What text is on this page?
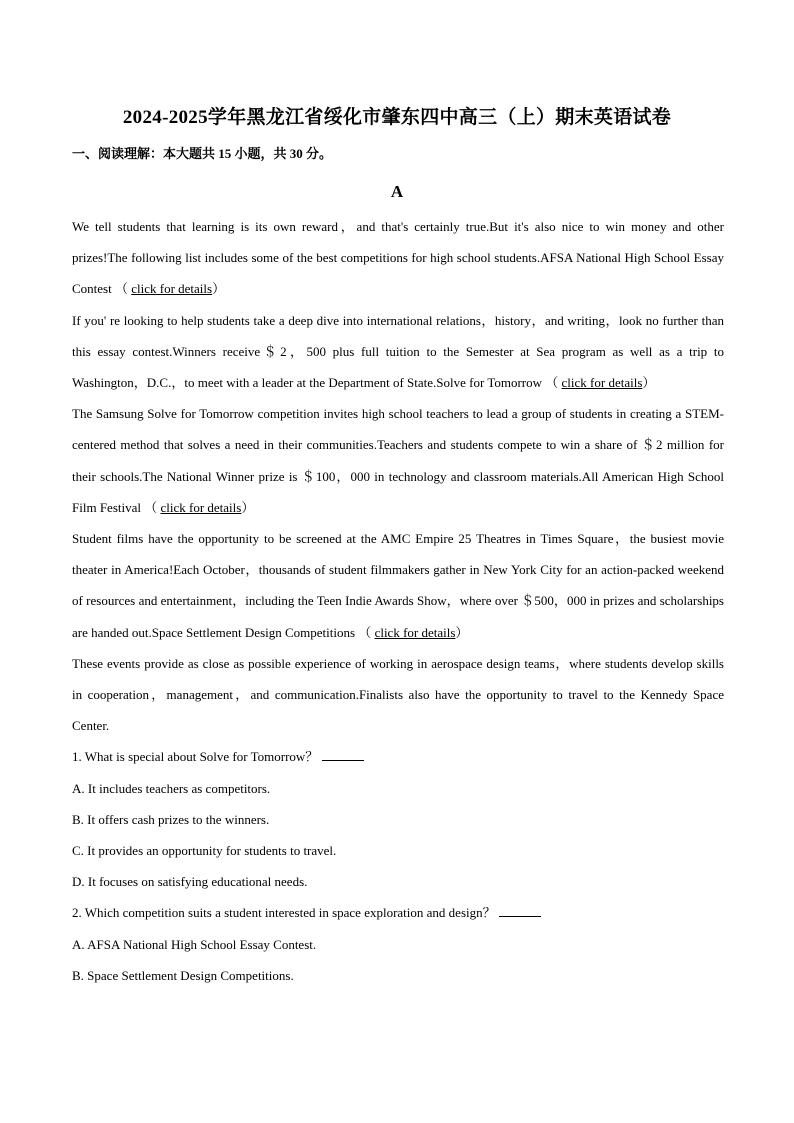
2024-2025学年黑龙江省绥化市肇东四中高三（上）期末英语试卷
一、阅读理解：本大题共 15 小题，共 30 分。
A

We tell students that learning is its own reward，and that's certainly true.But it's also nice to win money and other prizes!The following list includes some of the best competitions for high school students.AFSA National High School Essay Contest （ click for details）

If you' re looking to help students take a deep dive into international relations，history，and writing，look no further than this essay contest.Winners receive＄2，500 plus full tuition to the Semester at Sea program as well as a trip to Washington，D.C.，to meet with a leader at the Department of State.Solve for Tomorrow （ click for details）

The Samsung Solve for Tomorrow competition invites high school teachers to lead a group of students in creating a STEM-centered method that solves a need in their communities.Teachers and students compete to win a share of ＄2 million for their schools.The National Winner prize is ＄100，000 in technology and classroom materials.All American High School Film Festival （ click for details）

Student films have the opportunity to be screened at the AMC Empire 25 Theatres in Times Square，the busiest movie theater in America!Each October，thousands of student filmmakers gather in New York City for an action-packed weekend of resources and entertainment，including the Teen Indie Awards Show，where over ＄500，000 in prizes and scholarships are handed out.Space Settlement Design Competitions （ click for details）

These events provide as close as possible experience of working in aerospace design teams，where students develop skills in cooperation，management，and communication.Finalists also have the opportunity to travel to the Kennedy Space Center.

1. What is special about Solve for Tomorrow？

A. It includes teachers as competitors.

B. It offers cash prizes to the winners.

C. It provides an opportunity for students to travel.

D. It focuses on satisfying educational needs.

2. Which competition suits a student interested in space exploration and design？

A. AFSA National High School Essay Contest.

B. Space Settlement Design Competitions.
